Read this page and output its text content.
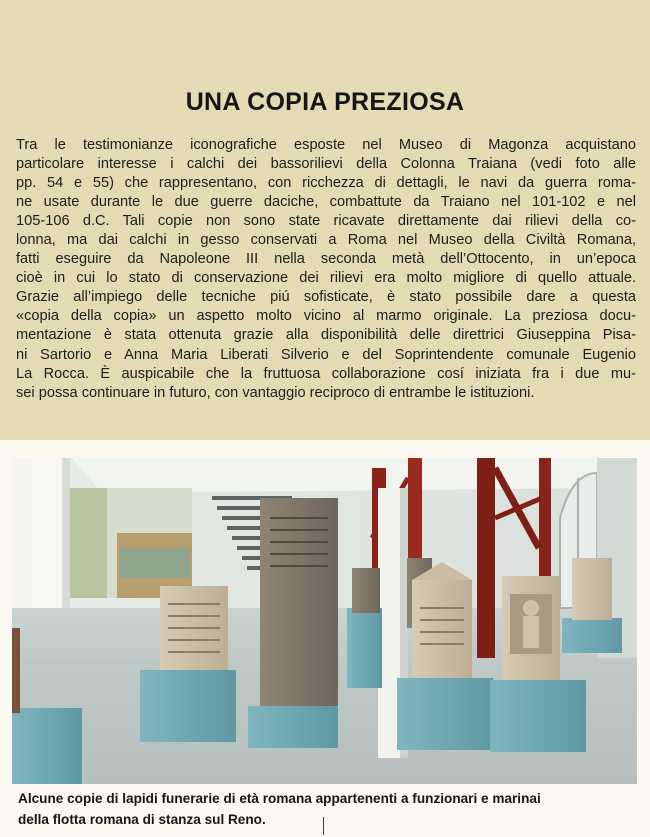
UNA COPIA PREZIOSA
Tra le testimonianze iconografiche esposte nel Museo di Magonza acquistano
particolare interesse i calchi dei bassorilievi della Colonna Traiana (vedi foto alle
pp. 54 e 55) che rappresentano, con ricchezza di dettagli, le navi da guerra roma-
ne usate durante le due guerre daciche, combattute da Traiano nel 101-102 e nel
105-106 d.C. Tali copie non sono state ricavate direttamente dai rilievi della co-
lonna, ma dai calchi in gesso conservati a Roma nel Museo della Civiltà Romana,
fatti eseguire da Napoleone III nella seconda metà dell’Ottocento, in un’epoca
cioè in cui lo stato di conservazione dei rilievi era molto migliore di quello attuale.
Grazie all’impiego delle tecniche piú sofisticate, è stato possibile dare a questa
«copia della copia» un aspetto molto vicino al marmo originale. La preziosa docu-
mentazione è stata ottenuta grazie alla disponibilità delle direttrici Giuseppina Pisa-
ni Sartorio e Anna Maria Liberati Silverio e del Soprintendente comunale Eugenio
La Rocca. È auspicabile che la fruttuosa collaborazione cosí iniziata fra i due mu-
sei possa continuare in futuro, con vantaggio reciproco di entrambe le istituzioni.
Alcune copie di lapidi funerarie di età romana appartenenti a funzionari e marinai
della flotta romana di stanza sul Reno.
